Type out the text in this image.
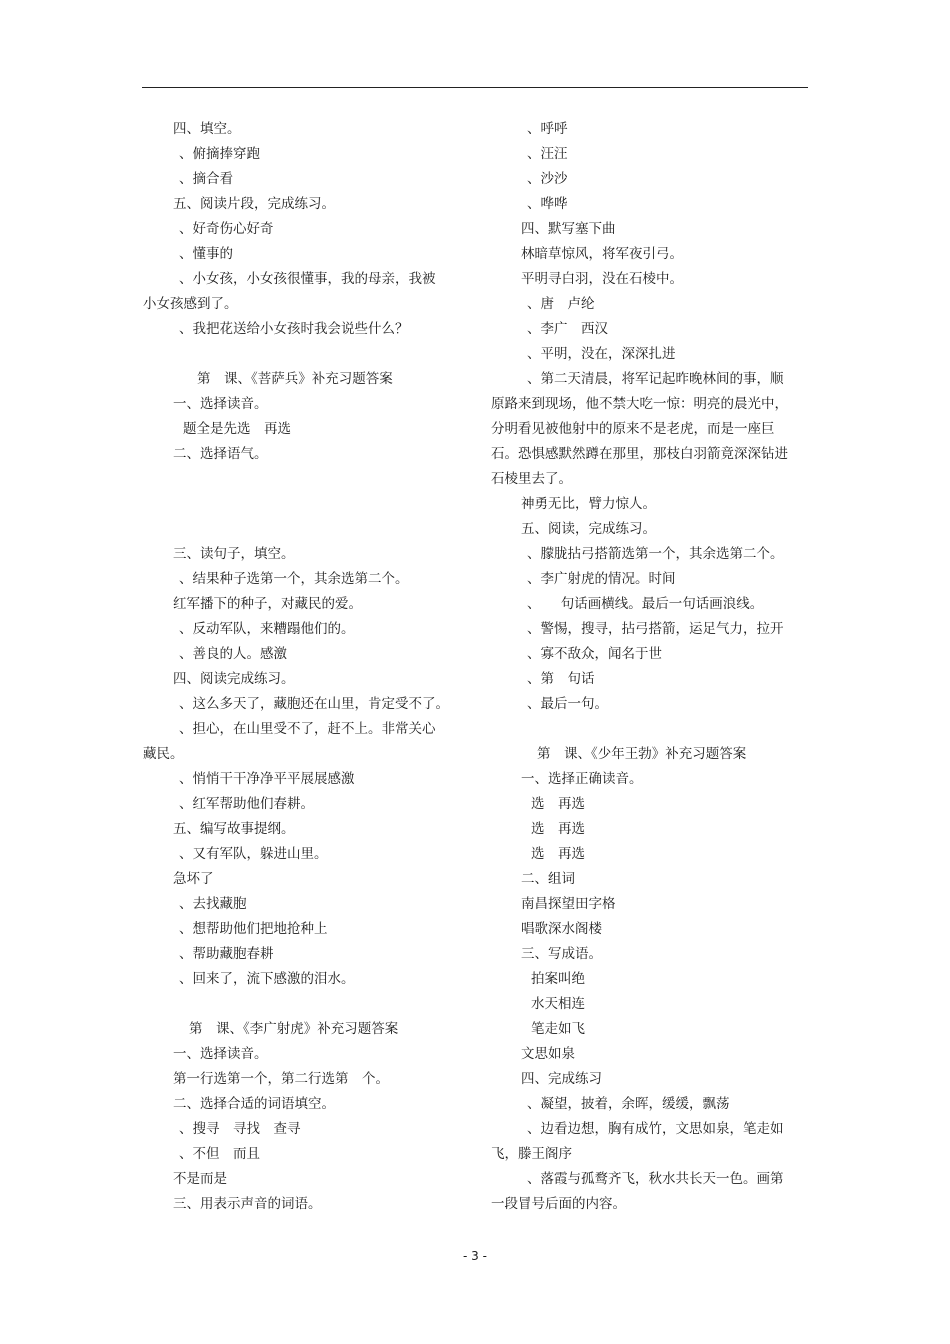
四、填空。
、俯摘捧穿跑
、摘合看
五、阅读片段，完成练习。
、好奇伤心好奇
、懂事的
、小女孩，小女孩很懂事，我的母亲，我被
小女孩感到了。
、我把花送给小女孩时我会说些什么？
第　课、《菩萨兵》补充习题答案
一、选择读音。
题全是先选　再选
二、选择语气。
三、读句子，填空。
、结果种子选第一个，其余选第二个。
红军播下的种子，对藏民的爱。
、反动军队，来糟蹋他们的。
、善良的人。感激
四、阅读完成练习。
、这么多天了，藏胞还在山里，肯定受不了。
、担心，在山里受不了，赶不上。非常关心
藏民。
、悄悄干干净净平平展展感激
、红军帮助他们春耕。
五、编写故事提纲。
、又有军队，躲进山里。
急坏了
、去找藏胞
、想帮助他们把地抢种上
、帮助藏胞春耕
、回来了，流下感激的泪水。
第　课、《李广射虎》补充习题答案
一、选择读音。
第一行选第一个，第二行选第　个。
二、选择合适的词语填空。
、搜寻　寻找　查寻
、不但　而且
不是而是
三、用表示声音的词语。
、呼呼
、汪汪
、沙沙
、哗哗
四、默写塞下曲
林暗草惊风，将军夜引弓。
平明寻白羽，没在石棱中。
、唐　卢纶
、李广　西汉
、平明，没在，深深扎进
、第二天清晨，将军记起昨晚林间的事，顺
原路来到现场，他不禁大吃一惊：明亮的晨光中，
分明看见被他射中的原来不是老虎，而是一座巨
石。恐惧感默然蹲在那里，那枝白羽箭竟深深钻进
石棱里去了。
神勇无比，臂力惊人。
五、阅读，完成练习。
、朦胧拈弓搭箭选第一个，其余选第二个。
、李广射虎的情况。时间
、　　句话画横线。最后一句话画浪线。
、警惕，搜寻，拈弓搭箭，运足气力，拉开
、寡不敌众，闻名于世
、第　句话
、最后一句。
第　课、《少年王勃》补充习题答案
一、选择正确读音。
选　再选
选　再选
选　再选
二、组词
南昌探望田字格
唱歌深水阁楼
三、写成语。
拍案叫绝
水天相连
笔走如飞
文思如泉
四、完成练习
、凝望，披着，余晖，缓缓，飘荡
、边看边想，胸有成竹，文思如泉，笔走如
飞，滕王阁序
、落霞与孤鹜齐飞，秋水共长天一色。画第
一段冒号后面的内容。
- 3 -
